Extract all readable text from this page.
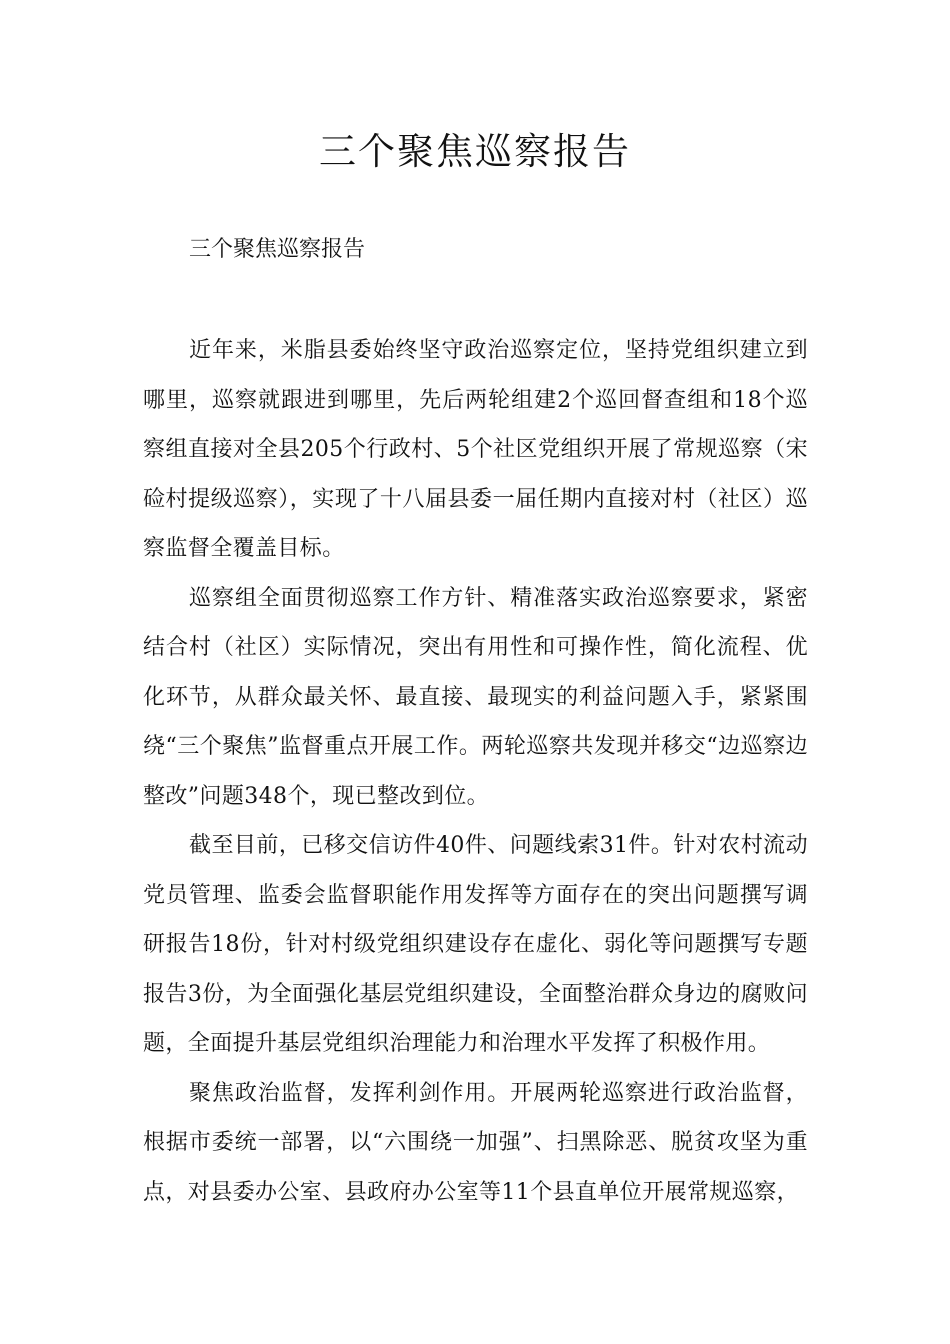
三个聚焦巡察报告

三个聚焦巡察报告

近年来，米脂县委始终坚守政治巡察定位，坚持党组织建立到哪里，巡察就跟进到哪里，先后两轮组建2个巡回督查组和18个巡察组直接对全县205个行政村、5个社区党组织开展了常规巡察（宋硷村提级巡察），实现了十八届县委一届任期内直接对村（社区）巡察监督全覆盖目标。

巡察组全面贯彻巡察工作方针、精准落实政治巡察要求，紧密结合村（社区）实际情况，突出有用性和可操作性，简化流程、优化环节，从群众最关怀、最直接、最现实的利益问题入手，紧紧围绕“三个聚焦”监督重点开展工作。两轮巡察共发现并移交“边巡察边整改”问题348个，现已整改到位。

截至目前，已移交信访件40件、问题线索31件。针对农村流动党员管理、监委会监督职能作用发挥等方面存在的突出问题撰写调研报告18份，针对村级党组织建设存在虚化、弱化等问题撰写专题报告3份，为全面强化基层党组织建设，全面整治群众身边的腐败问题，全面提升基层党组织治理能力和治理水平发挥了积极作用。

聚焦政治监督，发挥利剑作用。开展两轮巡察进行政治监督，根据市委统一部署，以“六围绕一加强”、扫黑除恶、脱贫攻坚为重点，对县委办公室、县政府办公室等11个县直单位开展常规巡察，
